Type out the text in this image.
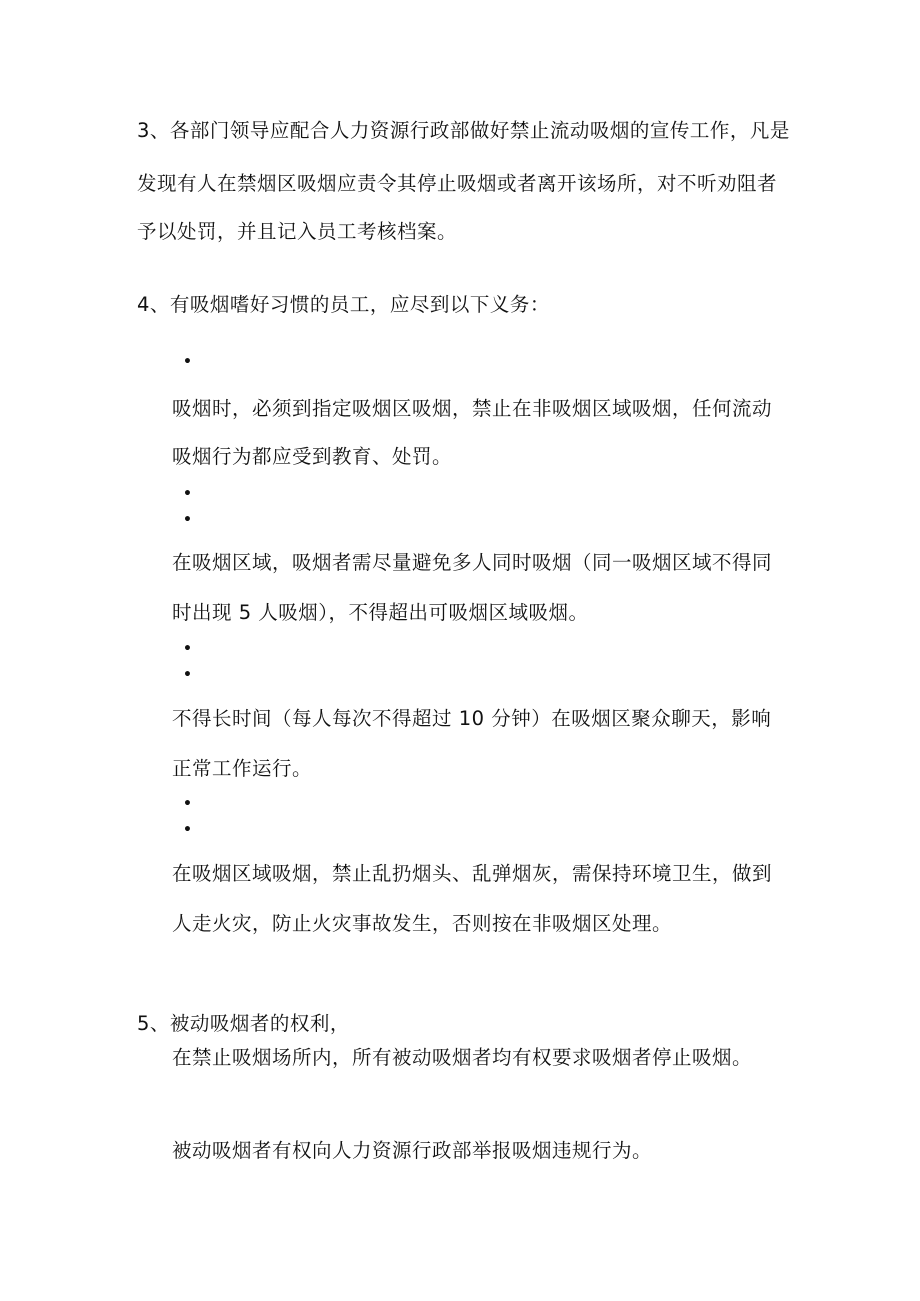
3、各部门领导应配合人力资源行政部做好禁止流动吸烟的宣传工作，凡是
发现有人在禁烟区吸烟应责令其停止吸烟或者离开该场所，对不听劝阻者
予以处罚，并且记入员工考核档案。
4、有吸烟嗜好习惯的员工，应尽到以下义务：
•
吸烟时，必须到指定吸烟区吸烟，禁止在非吸烟区域吸烟，任何流动
吸烟行为都应受到教育、处罚。
•
•
在吸烟区域，吸烟者需尽量避免多人同时吸烟（同一吸烟区域不得同
时出现 5 人吸烟），不得超出可吸烟区域吸烟。
•
•
不得长时间（每人每次不得超过 10 分钟）在吸烟区聚众聊天，影响
正常工作运行。
•
•
在吸烟区域吸烟，禁止乱扔烟头、乱弹烟灰，需保持环境卫生，做到
人走火灾，防止火灾事故发生，否则按在非吸烟区处理。
5、被动吸烟者的权利，
在禁止吸烟场所内，所有被动吸烟者均有权要求吸烟者停止吸烟。
被动吸烟者有权向人力资源行政部举报吸烟违规行为。
